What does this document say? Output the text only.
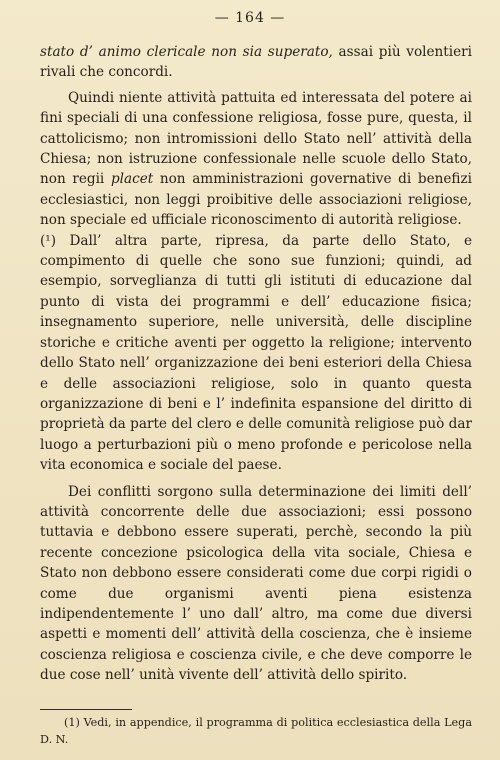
— 164 —

stato d’ animo clericale non sia superato, assai più volentieri rivali che concordi.

Quindi niente attività pattuita ed interessata del potere ai fini speciali di una confessione religiosa, fosse pure, questa, il cattolicismo; non intromissioni dello Stato nell’ attività della Chiesa; non istruzione confessionale nelle scuole dello Stato, non regii placet non amministrazioni governative di benefizi ecclesiastici, non leggi proibitive delle associazioni religiose, non speciale ed ufficiale riconoscimento di autorità religiose.

(¹) Dall’ altra parte, ripresa, da parte dello Stato, e compimento di quelle che sono sue funzioni; quindi, ad esempio, sorveglianza di tutti gli istituti di educazione dal punto di vista dei programmi e dell’ educazione fisica; insegnamento superiore, nelle università, delle discipline storiche e critiche aventi per oggetto la religione; intervento dello Stato nell’ organizzazione dei beni esteriori della Chiesa e delle associazioni religiose, solo in quanto questa organizzazione di beni e l’ indefinita espansione del diritto di proprietà da parte del clero e delle comunità religiose può dar luogo a perturbazioni più o meno profonde e pericolose nella vita economica e sociale del paese.

Dei conflitti sorgono sulla determinazione dei limiti dell’ attività concorrente delle due associazioni; essi possono tuttavia e debbono essere superati, perchè, secondo la più recente concezione psicologica della vita sociale, Chiesa e Stato non debbono essere considerati come due corpi rigidi o come due organismi aventi piena esistenza indipendentemente l’ uno dall’ altro, ma come due diversi aspetti e momenti dell’ attività della coscienza, che è insieme coscienza religiosa e coscienza civile, e che deve comporre le due cose nell’ unità vivente dell’ attività dello spirito.

(1) Vedi, in appendice, il programma di politica ecclesiastica della Lega D. N.
